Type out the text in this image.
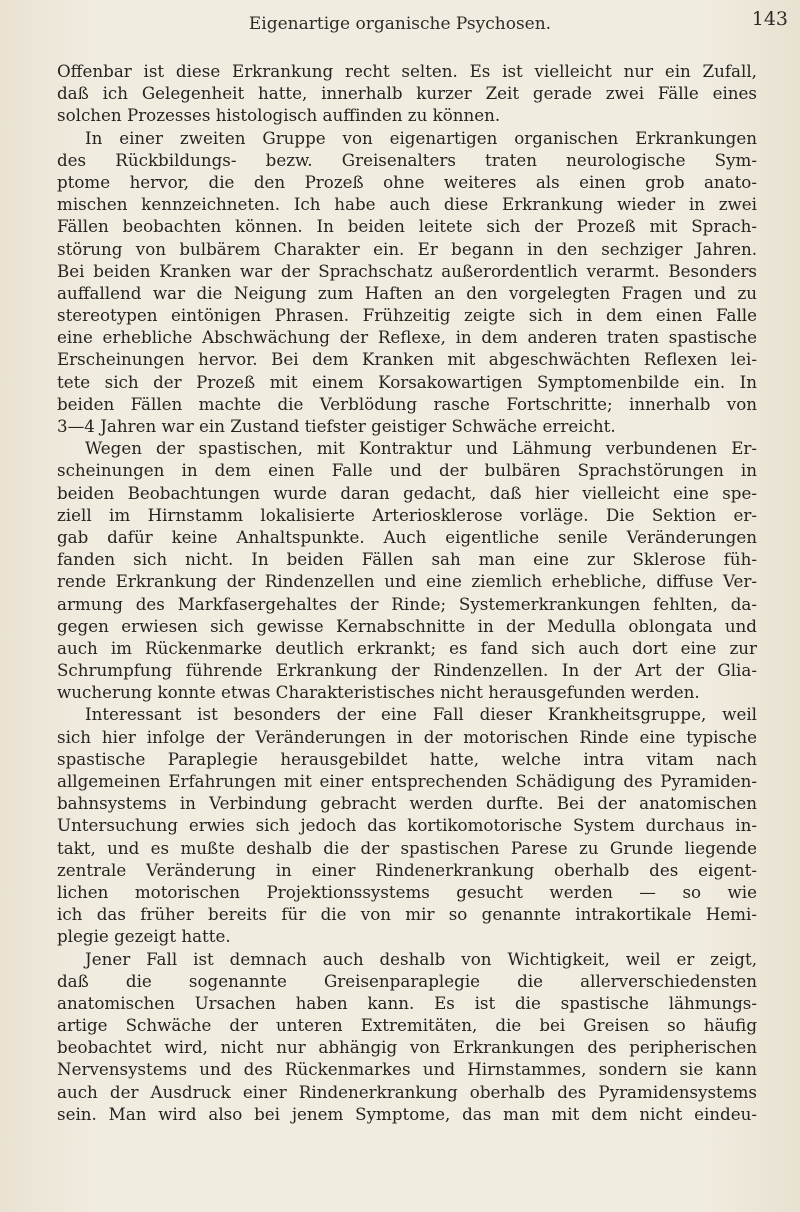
Eigenartige organische Psychosen.	143

Offenbar ist diese Erkrankung recht selten. Es ist vielleicht nur ein Zufall,

daß ich Gelegenheit hatte, innerhalb kurzer Zeit gerade zwei Fälle eines

solchen Prozesses histologisch auffinden zu können.

In einer zweiten Gruppe von eigenartigen organischen Erkrankungen

des Rückbildungs- bezw. Greisenalters traten neurologische Sym-

ptome hervor, die den Prozeß ohne weiteres als einen grob anato-

mischen kennzeichneten. Ich habe auch diese Erkrankung wieder in zwei

Fällen beobachten können. In beiden leitete sich der Prozeß mit Sprach-

störung von bulbärem Charakter ein. Er begann in den sechziger Jahren.

Bei beiden Kranken war der Sprachschatz außerordentlich verarmt. Besonders

auffallend war die Neigung zum Haften an den vorgelegten Fragen und zu

stereotypen eintönigen Phrasen. Frühzeitig zeigte sich in dem einen Falle

eine erhebliche Abschwächung der Reflexe, in dem anderen traten spastische

Erscheinungen hervor. Bei dem Kranken mit abgeschwächten Reflexen lei-

tete sich der Prozeß mit einem Korsakowartigen Symptomenbilde ein. In

beiden Fällen machte die Verblödung rasche Fortschritte; innerhalb von

3—4 Jahren war ein Zustand tiefster geistiger Schwäche erreicht.

Wegen der spastischen, mit Kontraktur und Lähmung verbundenen Er-

scheinungen in dem einen Falle und der bulbären Sprachstörungen in

beiden Beobachtungen wurde daran gedacht, daß hier vielleicht eine spe-

ziell im Hirnstamm lokalisierte Arteriosklerose vorläge. Die Sektion er-

gab dafür keine Anhaltspunkte. Auch eigentliche senile Veränderungen

fanden sich nicht. In beiden Fällen sah man eine zur Sklerose füh-

rende Erkrankung der Rindenzellen und eine ziemlich erhebliche, diffuse Ver-

armung des Markfasergehaltes der Rinde; Systemerkrankungen fehlten, da-

gegen erwiesen sich gewisse Kernabschnitte in der Medulla oblongata und

auch im Rückenmarke deutlich erkrankt; es fand sich auch dort eine zur

Schrumpfung führende Erkrankung der Rindenzellen. In der Art der Glia-

wucherung konnte etwas Charakteristisches nicht herausgefunden werden.

Interessant ist besonders der eine Fall dieser Krankheitsgruppe, weil

sich hier infolge der Veränderungen in der motorischen Rinde eine typische

spastische Paraplegie herausgebildet hatte, welche intra vitam nach

allgemeinen Erfahrungen mit einer entsprechenden Schädigung des Pyramiden-

bahnsystems in Verbindung gebracht werden durfte. Bei der anatomischen

Untersuchung erwies sich jedoch das kortikomotorische System durchaus in-

takt, und es mußte deshalb die der spastischen Parese zu Grunde liegende

zentrale Veränderung in einer Rindenerkrankung oberhalb des eigent-

lichen motorischen Projektionssystems gesucht werden — so wie

ich das früher bereits für die von mir so genannte intrakortikale Hemi-

plegie gezeigt hatte.

Jener Fall ist demnach auch deshalb von Wichtigkeit, weil er zeigt,

daß die sogenannte Greisenparaplegie die allerverschiedensten

anatomischen Ursachen haben kann. Es ist die spastische lähmungs-

artige Schwäche der unteren Extremitäten, die bei Greisen so häufig

beobachtet wird, nicht nur abhängig von Erkrankungen des peripherischen

Nervensystems und des Rückenmarkes und Hirnstammes, sondern sie kann

auch der Ausdruck einer Rindenerkrankung oberhalb des Pyramidensystems

sein. Man wird also bei jenem Symptome, das man mit dem nicht eindeu-
